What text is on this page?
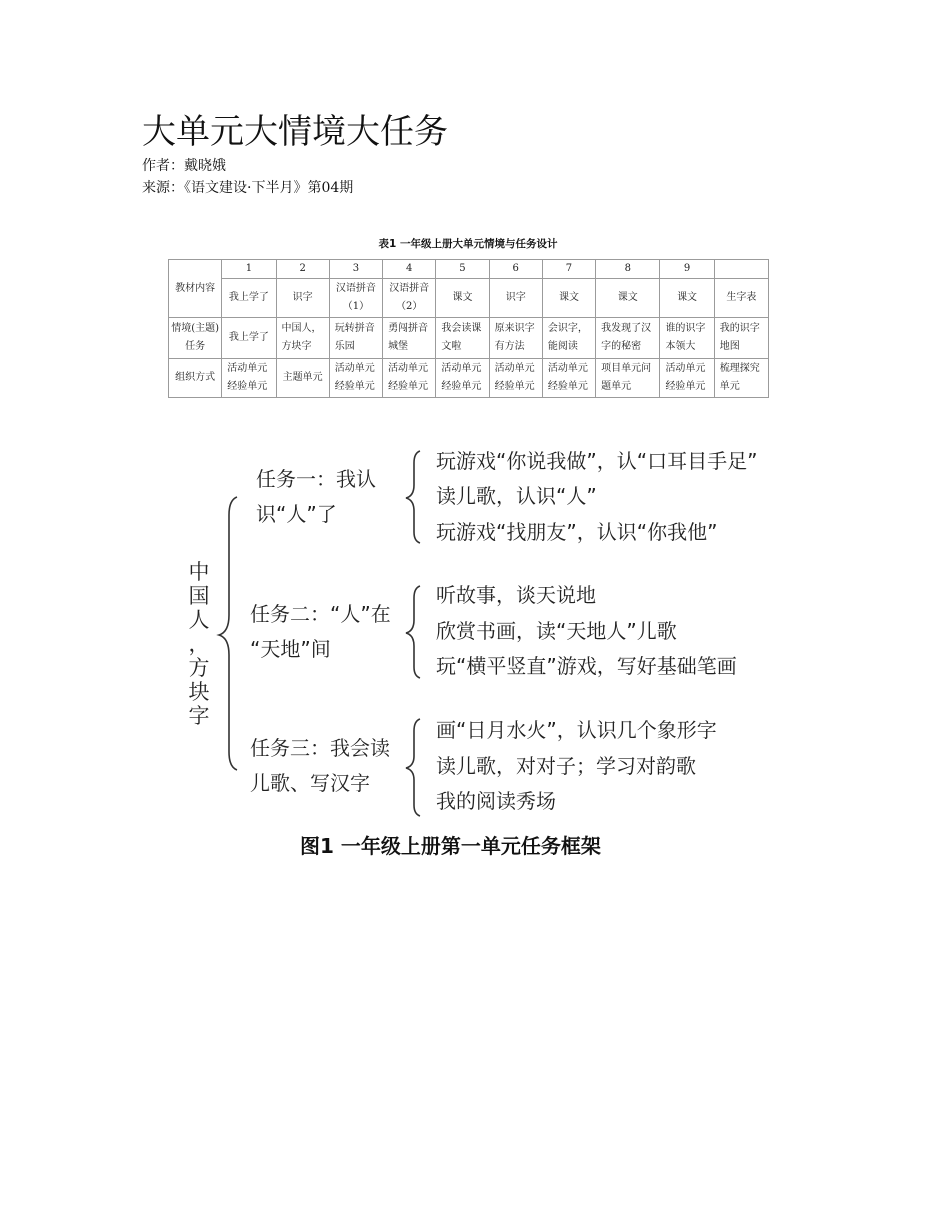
大单元大情境大任务
作者：戴晓娥
来源：《语文建设·下半月》第04期
表1 一年级上册大单元情境与任务设计
教材内容	1	2	3	4	5	6	7	8	9	
	我上学了	识字	汉语拼音（1）	汉语拼音（2）	课文	识字	课文	课文	课文	生字表
情境(主题)任务	我上学了	中国人，方块字	玩转拼音乐园	勇闯拼音城堡	我会读课文啦	原来识字有方法	会识字，能阅读	我发现了汉字的秘密	谁的识字本领大	我的识字地图
组织方式	活动单元经验单元	主题单元	活动单元经验单元	活动单元经验单元	活动单元经验单元	活动单元经验单元	活动单元经验单元	项目单元问题单元	活动单元经验单元	梳理探究单元
中
国
人
，
方
块
字
任务一：我认
识“人”了
玩游戏“你说我做”，认“口耳目手足”
读儿歌，认识“人”
玩游戏“找朋友”，认识“你我他”
任务二：“人”在
“天地”间
听故事，谈天说地
欣赏书画，读“天地人”儿歌
玩“横平竖直”游戏，写好基础笔画
任务三：我会读
儿歌、写汉字
画“日月水火”，认识几个象形字
读儿歌，对对子；学习对韵歌
我的阅读秀场
图1 一年级上册第一单元任务框架
